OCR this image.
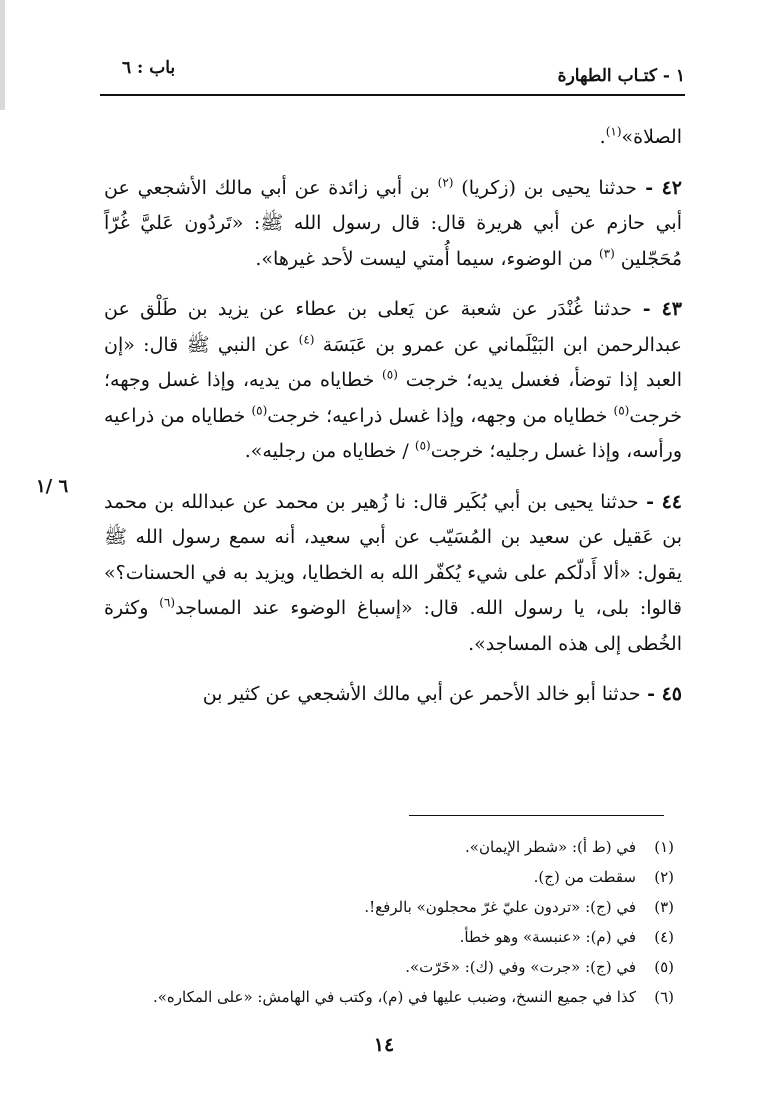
١ - كتـاب الطهارة
باب : ٦

الصلاة»$^{(١)}$.

٤٢ - حدثنا يحيى بن (زكريا) $^{(٢)}$ بن أبي زائدة عن أبي مالك الأشجعي عن أبي حازم عن أبي هريرة قال: قال رسول الله ﷺ: «تَردُون عَليَّ غُرّاً مُحَجّلين $^{(٣)}$ من الوضوء، سيما أُمتي ليست لأحد غيرها».

٤٣ - حدثنا غُنْدَر عن شعبة عن يَعلى بن عطاء عن يزيد بن طَلْق عن عبدالرحمن ابن البَيْلَماني عن عمرو بن عَبَسَة $^{(٤)}$ عن النبي ﷺ قال: «إن العبد إذا توضأ، فغسل يديه؛ خرجت $^{(٥)}$ خطاياه من يديه، وإذا غسل وجهه؛ خرجت$^{(٥)}$ خطاياه من وجهه، وإذا غسل ذراعيه؛ خرجت$^{(٥)}$ خطاياه من ذراعيه ورأسه، وإذا غسل رجليه؛ خرجت$^{(٥)}$ / خطاياه من رجليه».

٤٤ - حدثنا يحيى بن أبي بُكَير قال: نا زُهير بن محمد عن عبدالله بن محمد بن عَقيل عن سعيد بن المُسَيّب عن أبي سعيد، أنه سمع رسول الله ﷺ يقول: «ألا أَدلّكم على شيء يُكفّر الله به الخطايا، ويزيد به في الحسنات؟» قالوا: بلى، يا رسول الله. قال: «إسباغ الوضوء عند المساجد$^{(٦)}$ وكثرة الخُطى إلى هذه المساجد».

٤٥ - حدثنا أبو خالد الأحمر عن أبي مالك الأشجعي عن كثير بن

٦ /١
(١)في (ط أ): «شطر الإيمان».
(٢)سقطت من (ج).
(٣)في (ج): «تردون عليّ غرّ محجلون» بالرفع!.
(٤)في (م): «عنبسة» وهو خطأ.
(٥)في (ج): «جرت» وفي (ك): «خَرّت».
(٦)كذا في جميع النسخ، وضبب عليها في (م)، وكتب في الهامش: «على المكاره».
١٤
